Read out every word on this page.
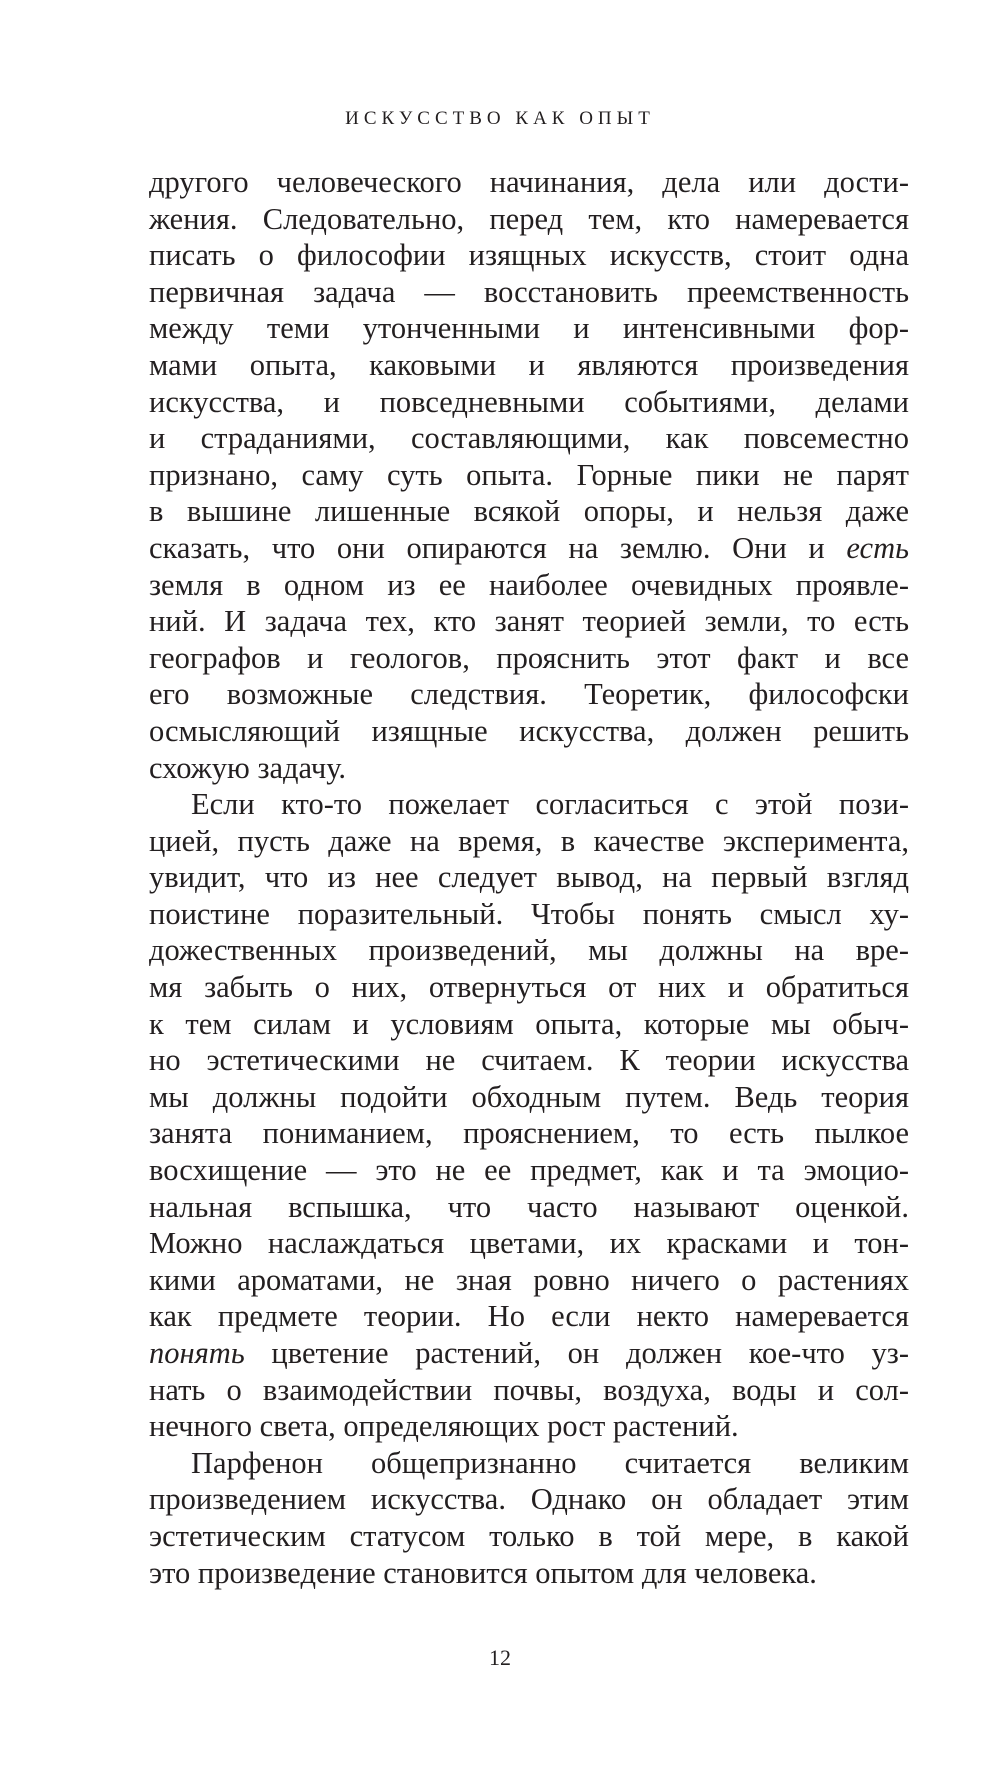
ИСКУССТВО КАК ОПЫТ
другого человеческого начинания, дела или дости-
жения. Следовательно, перед тем, кто намеревается
писать о философии изящных искусств, стоит одна
первичная задача — восстановить преемственность
между теми утонченными и интенсивными фор-
мами опыта, каковыми и являются произведения
искусства, и повседневными событиями, делами
и страданиями, составляющими, как повсеместно
признано, саму суть опыта. Горные пики не парят
в вышине лишенные всякой опоры, и нельзя даже
сказать, что они опираются на землю. Они и есть
земля в одном из ее наиболее очевидных проявле-
ний. И задача тех, кто занят теорией земли, то есть
географов и геологов, прояснить этот факт и все
его возможные следствия. Теоретик, философски
осмысляющий изящные искусства, должен решить
схожую задачу.
Если кто-то пожелает согласиться с этой пози-
цией, пусть даже на время, в качестве эксперимента,
увидит, что из нее следует вывод, на первый взгляд
поистине поразительный. Чтобы понять смысл ху-
дожественных произведений, мы должны на вре-
мя забыть о них, отвернуться от них и обратиться
к тем силам и условиям опыта, которые мы обыч-
но эстетическими не считаем. К теории искусства
мы должны подойти обходным путем. Ведь теория
занята пониманием, прояснением, то есть пылкое
восхищение — это не ее предмет, как и та эмоцио-
нальная вспышка, что часто называют оценкой.
Можно наслаждаться цветами, их красками и тон-
кими ароматами, не зная ровно ничего о растениях
как предмете теории. Но если некто намеревается
понять цветение растений, он должен кое-что уз-
нать о взаимодействии почвы, воздуха, воды и сол-
нечного света, определяющих рост растений.
Парфенон общепризнанно считается великим
произведением искусства. Однако он обладает этим
эстетическим статусом только в той мере, в какой
это произведение становится опытом для человека.
12
